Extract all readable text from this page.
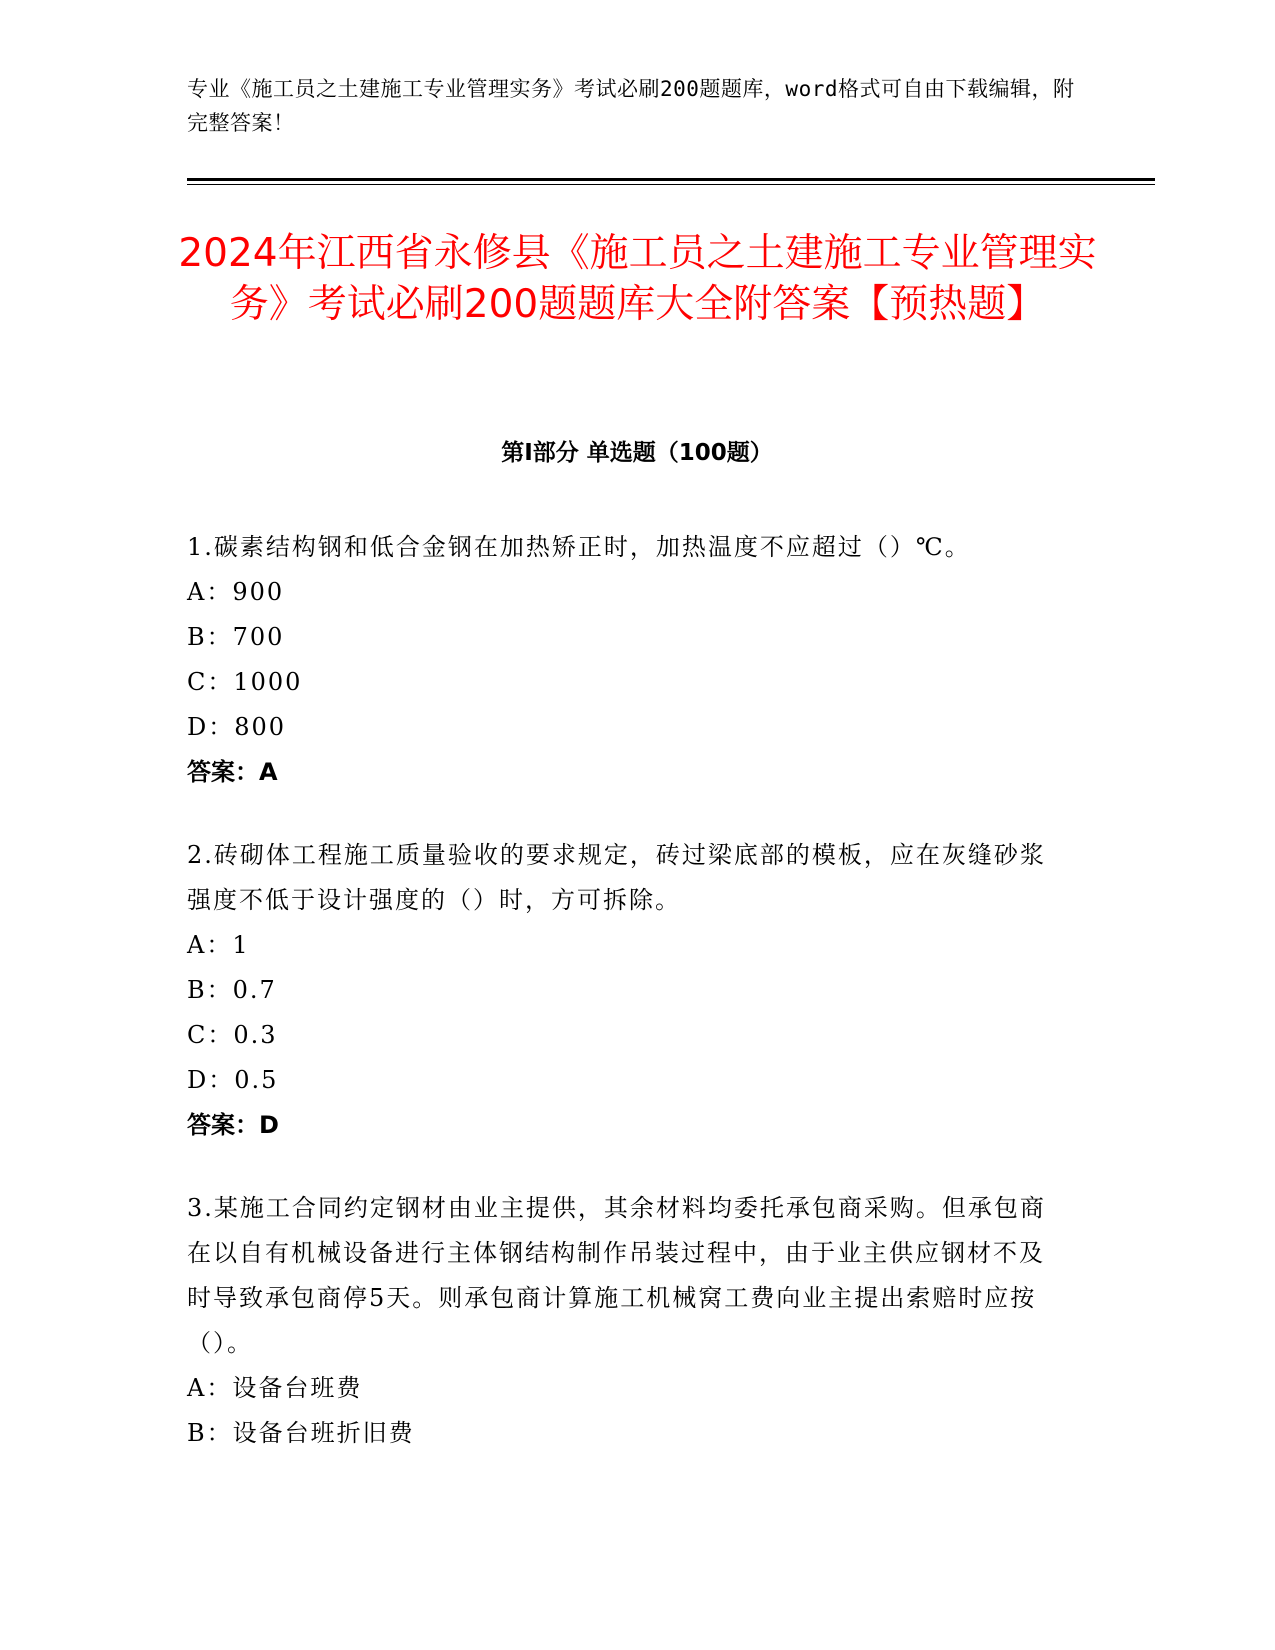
专业《施工员之土建施工专业管理实务》考试必刷200题题库，word格式可自由下载编辑，附完整答案！
2024年江西省永修县《施工员之土建施工专业管理实务》考试必刷200题题库大全附答案【预热题】
第Ⅰ部分 单选题（100题）
1.碳素结构钢和低合金钢在加热矫正时，加热温度不应超过（）℃。
A：900
B：700
C：1000
D：800
答案：A
2.砖砌体工程施工质量验收的要求规定，砖过梁底部的模板，应在灰缝砂浆强度不低于设计强度的（）时，方可拆除。
A：1
B：0.7
C：0.3
D：0.5
答案：D
3.某施工合同约定钢材由业主提供，其余材料均委托承包商采购。但承包商在以自有机械设备进行主体钢结构制作吊装过程中，由于业主供应钢材不及时导致承包商停5天。则承包商计算施工机械窝工费向业主提出索赔时应按（）。
A：设备台班费
B：设备台班折旧费
